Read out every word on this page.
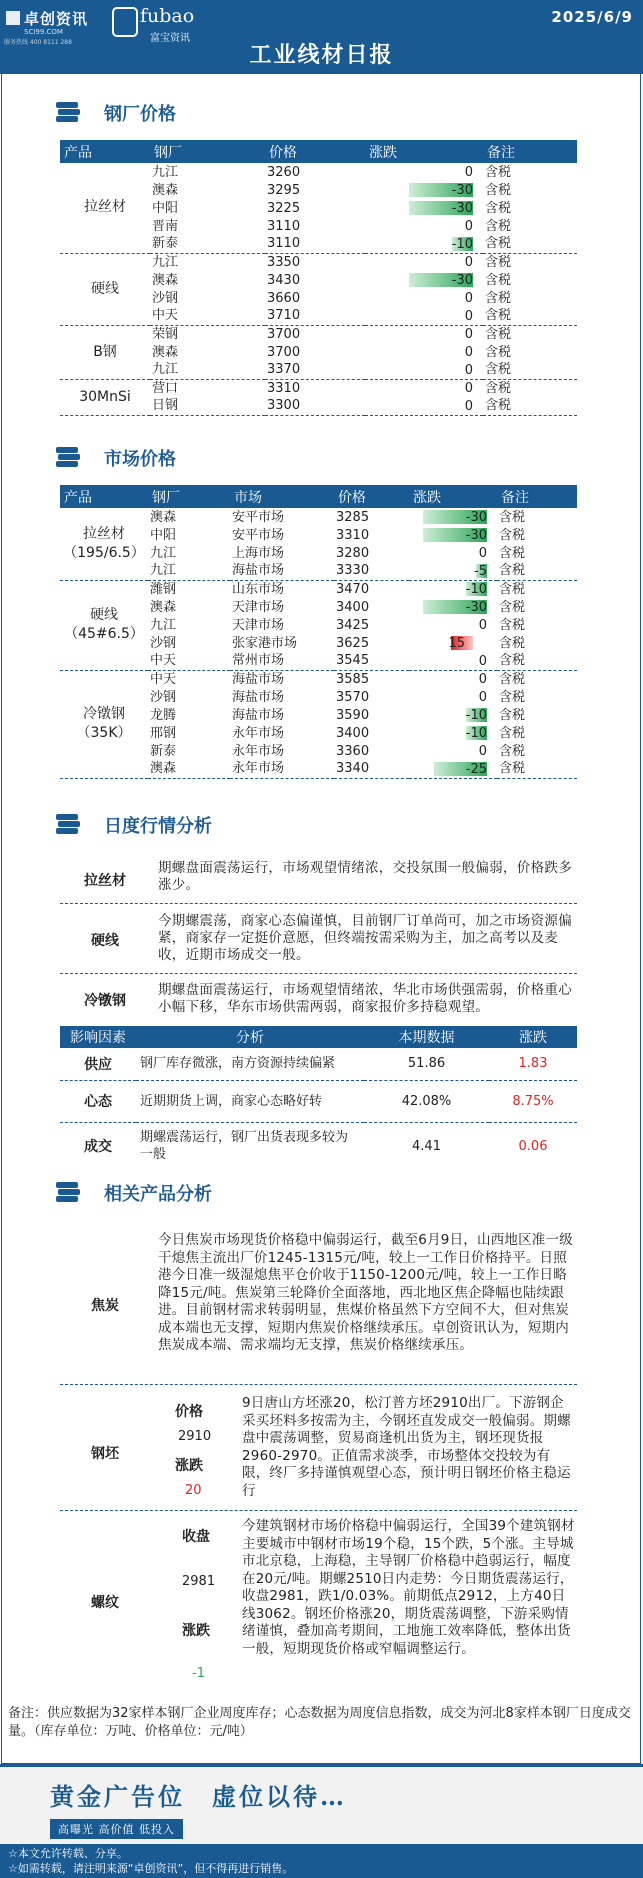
卓创资讯
SCI99.COM
服务热线 400 8111 288
fubao
富宝资讯
2025/6/9
工业线材日报
钢厂价格
产品	钢厂	价格	涨跌	备注
拉丝材	九江	3260	0	含税
	澳森	3295	-30	含税
	中阳	3225	-30	含税
	晋南	3110	0	含税
	新泰	3110	-10	含税
硬线	九江	3350	0	含税
	澳森	3430	-30	含税
	沙钢	3660	0	含税
	中天	3710	0	含税
B钢	荣钢	3700	0	含税
	澳森	3700	0	含税
	九江	3370	0	含税
30MnSi	营口	3310	0	含税
	日钢	3300	0	含税
市场价格
产品	钢厂	市场	价格	涨跌	备注

拉丝材
（195/6.5）	澳森	安平市场	3285	-30	含税
	中阳	安平市场	3310	-30	含税
	九江	上海市场	3280	0	含税
	九江	海盐市场	3330	-5	含税

硬线
（45#6.5）	潍钢	山东市场	3470	-10	含税
	澳森	天津市场	3400	-30	含税
	九江	天津市场	3425	0	含税
	沙钢	张家港市场	3625	15	含税
	中天	常州市场	3545	0	含税

冷镦钢
（35K）	中天	海盐市场	3585	0	含税
	沙钢	海盐市场	3570	0	含税
	龙腾	海盐市场	3590	-10	含税
	邢钢	永年市场	3400	-10	含税
	新泰	永年市场	3360	0	含税
	澳森	永年市场	3340	-25	含税
日度行情分析
拉丝材
期螺盘面震荡运行，市场观望情绪浓，交投氛围一般偏弱，价格跌多涨少。
硬线
今期螺震荡，商家心态偏谨慎，目前钢厂订单尚可，加之市场资源偏紧，商家存一定挺价意愿，但终端按需采购为主，加之高考以及麦收，近期市场成交一般。
冷镦钢
期螺盘面震荡运行，市场观望情绪浓，华北市场供强需弱，价格重心小幅下移，华东市场供需两弱，商家报价多持稳观望。
影响因素	分析	本期数据	涨跌
供应	钢厂库存微涨，南方资源持续偏紧	51.86	1.83
心态	近期期货上调，商家心态略好转	42.08%	8.75%
成交	期螺震荡运行，钢厂出货表现多较为一般	4.41	0.06
相关产品分析
焦炭
今日焦炭市场现货价格稳中偏弱运行，截至6月9日，山西地区准一级干熄焦主流出厂价1245-1315元/吨，较上一工作日价格持平。日照港今日准一级湿熄焦平仓价收于1150-1200元/吨，较上一工作日略降15元/吨。焦炭第三轮降价全面落地，西北地区焦企降幅也陆续跟进。目前钢材需求转弱明显，焦煤价格虽然下方空间不大，但对焦炭成本端也无支撑，短期内焦炭价格继续承压。卓创资讯认为，短期内焦炭成本端、需求端均无支撑，焦炭价格继续承压。
钢坯
价格
2910
涨跌
20
9日唐山方坯涨20，松汀普方坯2910出厂。下游钢企采买坯料多按需为主，今钢坯直发成交一般偏弱。期螺盘中震荡调整，贸易商逢机出货为主，钢坯现货报2960-2970。正值需求淡季，市场整体交投较为有限，终厂多持谨慎观望心态，预计明日钢坯价格主稳运行
螺纹
收盘
2981
涨跌
-1
今建筑钢材市场价格稳中偏弱运行，全国39个建筑钢材主要城市中钢材市场19个稳，15个跌，5个涨。主导城市北京稳，上海稳，主导钢厂价格稳中趋弱运行，幅度在20元/吨。期螺2510日内走势：今日期货震荡运行，收盘2981，跌1/0.03%。前期低点2912，上方40日线3062。钢坯价格涨20，期货震荡调整，下游采购情绪谨慎，叠加高考期间，工地施工效率降低，整体出货一般，短期现货价格或窄幅调整运行。
备注：供应数据为32家样本钢厂企业周度库存；心态数据为周度信息指数，成交为河北8家样本钢厂日度成交量。（库存单位：万吨、价格单位：元/吨）
黄金广告位　虚位以待…
高曝光 高价值 低投入
☆本文允许转载、分享。
☆如需转载，请注明来源“卓创资讯”，但不得再进行销售。
